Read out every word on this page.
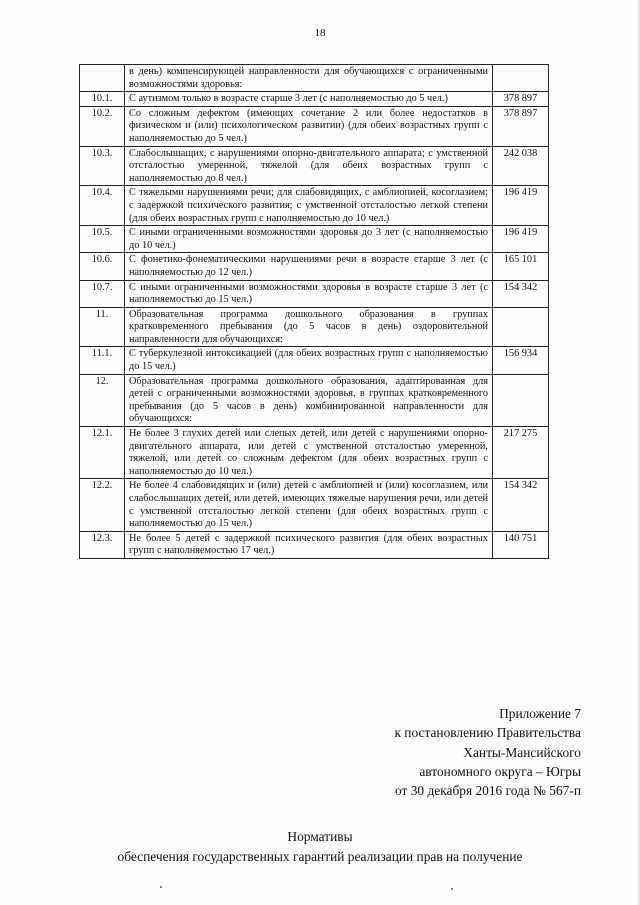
18
	в день) компенсирующей направленности для обучающихся с ограниченными возможностями здоровья:	
10.1.	С аутизмом только в возрасте старше 3 лет (с наполняемостью до 5 чел.)	378 897
10.2.	Со сложным дефектом (имеющих сочетание 2 или более недостатков в физическом и (или) психологическом развитии) (для обеих возрастных групп с наполняемостью до 5 чел.)	378 897
10.3.	Слабослышащих, с нарушениями опорно-двигательного аппарата; с умственной отсталостью умеренной, тяжелой (для обеих возрастных групп с наполняемостью до 8 чел.)	242 038
10.4.	С тяжелыми нарушениями речи; для слабовидящих, с амблиопией, косоглазием; с задержкой психического развития; с умственной отсталостью легкой степени (для обеих возрастных групп с наполняемостью до 10 чел.)	196 419
10.5.	С иными ограниченными возможностями здоровья до 3 лет (с наполняемостью до 10 чел.)	196 419
10.6.	С фонетико-фонематическими нарушениями речи в возрасте старше 3 лет (с наполняемостью до 12 чел.)	165 101
10.7.	С иными ограниченными возможностями здоровья в возрасте старше 3 лет (с наполняемостью до 15 чел.)	154 342
11.	Образовательная программа дошкольного образования в группах кратковременного пребывания (до 5 часов в день) оздоровительной направленности для обучающихся:	
11.1.	С туберкулезной интоксикацией (для обеих возрастных групп с наполняемостью до 15 чел.)	156 934
12.	Образовательная программа дошкольного образования, адаптированная для детей с ограниченными возможностями здоровья, в группах кратковременного пребывания (до 5 часов в день) комбинированной направленности для обучающихся:	
12.1.	Не более 3 глухих детей или слепых детей, или детей с нарушениями опорно-двигательного аппарата, или детей с умственной отсталостью умеренной, тяжелой, или детей со сложным дефектом (для обеих возрастных групп с наполняемостью до 10 чел.)	217 275
12.2.	Не более 4 слабовидящих и (или) детей с амблиопией и (или) косоглазием, или слабослышащих детей, или детей, имеющих тяжелые нарушения речи, или детей с умственной отсталостью легкой степени (для обеих возрастных групп с наполняемостью до 15 чел.)	154 342
12.3.	Не более 5 детей с задержкой психического развития (для обеих возрастных групп с наполняемостью 17 чел.)	140 751
Приложение 7
к постановлению Правительства
Ханты-Мансийского
автономного округа – Югры
от 30 декабря 2016 года № 567-п
Нормативы
обеспечения государственных гарантий реализации прав на получение
